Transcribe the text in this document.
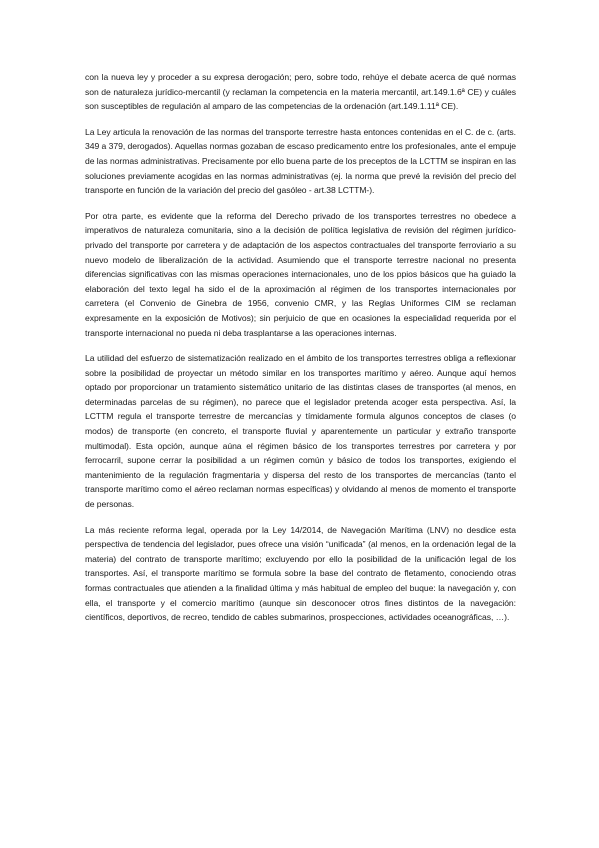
con la nueva ley y proceder a su expresa derogación; pero, sobre todo, rehúye el debate acerca de qué normas son de naturaleza jurídico-mercantil (y reclaman la competencia en la materia mercantil, art.149.1.6ª CE) y cuáles son susceptibles de regulación al amparo de las competencias de la ordenación (art.149.1.11ª CE).

La Ley articula la renovación de las normas del transporte terrestre hasta entonces contenidas en el C. de c. (arts. 349 a 379, derogados). Aquellas normas gozaban de escaso predicamento entre los profesionales, ante el empuje de las normas administrativas. Precisamente por ello buena parte de los preceptos de la LCTTM se inspiran en las soluciones previamente acogidas en las normas administrativas (ej. la norma que prevé la revisión del precio del transporte en función de la variación del precio del gasóleo - art.38 LCTTM-).

Por otra parte, es evidente que la reforma del Derecho privado de los transportes terrestres no obedece a imperativos de naturaleza comunitaria, sino a la decisión de política legislativa de revisión del régimen jurídico-privado del transporte por carretera y de adaptación de los aspectos contractuales del transporte ferroviario a su nuevo modelo de liberalización de la actividad. Asumiendo que el transporte terrestre nacional no presenta diferencias significativas con las mismas operaciones internacionales, uno de los ppios básicos que ha guiado la elaboración del texto legal ha sido el de la aproximación al régimen de los transportes internacionales por carretera (el Convenio de Ginebra de 1956, convenio CMR, y las Reglas Uniformes CIM se reclaman expresamente en la exposición de Motivos); sin perjuicio de que en ocasiones la especialidad requerida por el transporte internacional no pueda ni deba trasplantarse a las operaciones internas.

La utilidad del esfuerzo de sistematización realizado en el ámbito de los transportes terrestres obliga a reflexionar sobre la posibilidad de proyectar un método similar en los transportes marítimo y aéreo. Aunque aquí hemos optado por proporcionar un tratamiento sistemático unitario de las distintas clases de transportes (al menos, en determinadas parcelas de su régimen), no parece que el legislador pretenda acoger esta perspectiva. Así, la LCTTM regula el transporte terrestre de mercancías y tímidamente formula algunos conceptos de clases (o modos) de transporte (en concreto, el transporte fluvial y aparentemente un particular y extraño transporte multimodal). Esta opción, aunque aúna el régimen básico de los transportes terrestres por carretera y por ferrocarril, supone cerrar la posibilidad a un régimen común y básico de todos los transportes, exigiendo el mantenimiento de la regulación fragmentaria y dispersa del resto de los transportes de mercancías (tanto el transporte marítimo como el aéreo reclaman normas específicas) y olvidando al menos de momento el transporte de personas.

La más reciente reforma legal, operada por la Ley 14/2014, de Navegación Marítima (LNV) no desdice esta perspectiva de tendencia del legislador, pues ofrece una visión “unificada” (al menos, en la ordenación legal de la materia) del contrato de transporte marítimo; excluyendo por ello la posibilidad de la unificación legal de los transportes. Así, el transporte marítimo se formula sobre la base del contrato de fletamento, conociendo otras formas contractuales que atienden a la finalidad última y más habitual de empleo del buque: la navegación y, con ella, el transporte y el comercio marítimo (aunque sin desconocer otros fines distintos de la navegación: científicos, deportivos, de recreo, tendido de cables submarinos, prospecciones, actividades oceanográficas, …).
